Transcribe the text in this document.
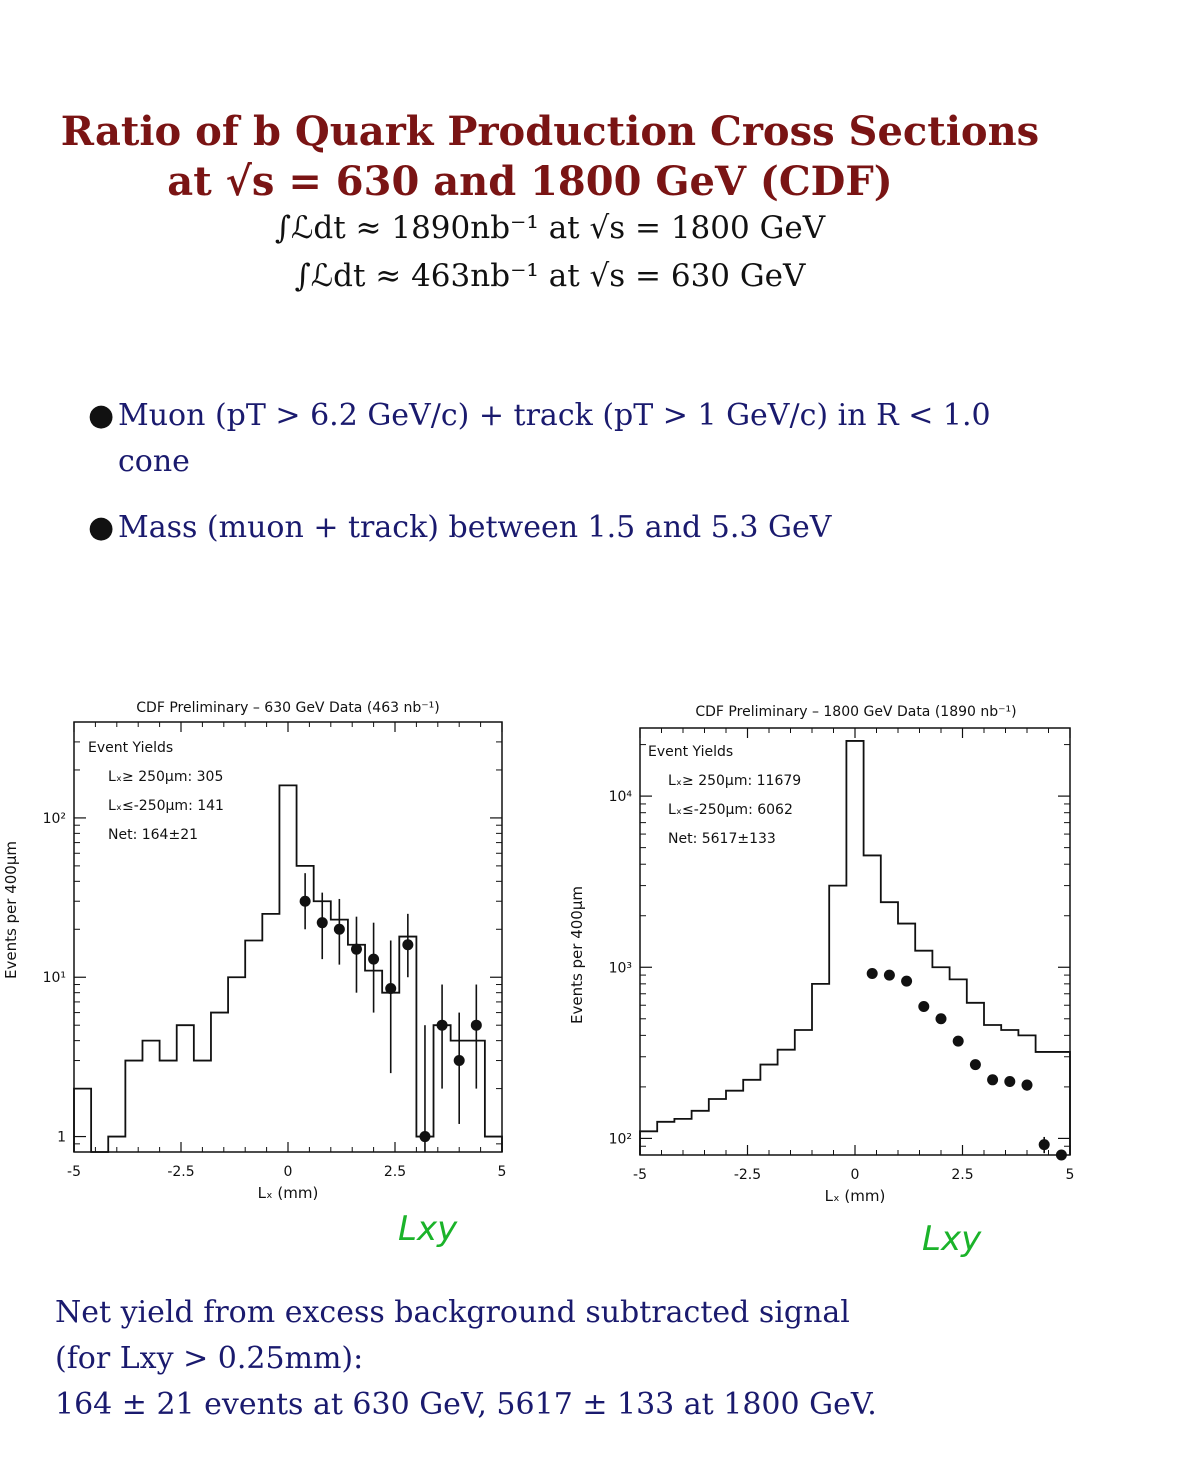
Ratio of b Quark Production Cross Sections
at √s = 630 and 1800 GeV (CDF)
∫ℒdt ≈ 1890nb⁻¹ at √s = 1800 GeV
∫ℒdt ≈ 463nb⁻¹ at √s = 630 GeV
● Muon (pT > 6.2 GeV/c) + track (pT > 1 GeV/c) in R < 1.0 cone
● Mass (muon + track) between 1.5 and 5.3 GeV
CDF Preliminary – 630 GeV Data (463 nb⁻¹)
Lₓ (mm)
Events per 400μm
-5	-2.5	0	2.5	5
1
10¹
10²
Event Yields
Lₓ≥ 250μm: 305
Lₓ≤-250μm: 141
Net: 164±21
CDF Preliminary – 1800 GeV Data (1890 nb⁻¹)
Lₓ (mm)
Events per 400μm
-5	-2.5	0	2.5	5
10²
10³
10⁴
Event Yields
Lₓ≥ 250μm: 11679
Lₓ≤-250μm: 6062
Net: 5617±133
Lxy	Lxy
Net yield from excess background subtracted signal
(for Lxy > 0.25mm):
164 ± 21 events at 630 GeV, 5617 ± 133 at 1800 GeV.
